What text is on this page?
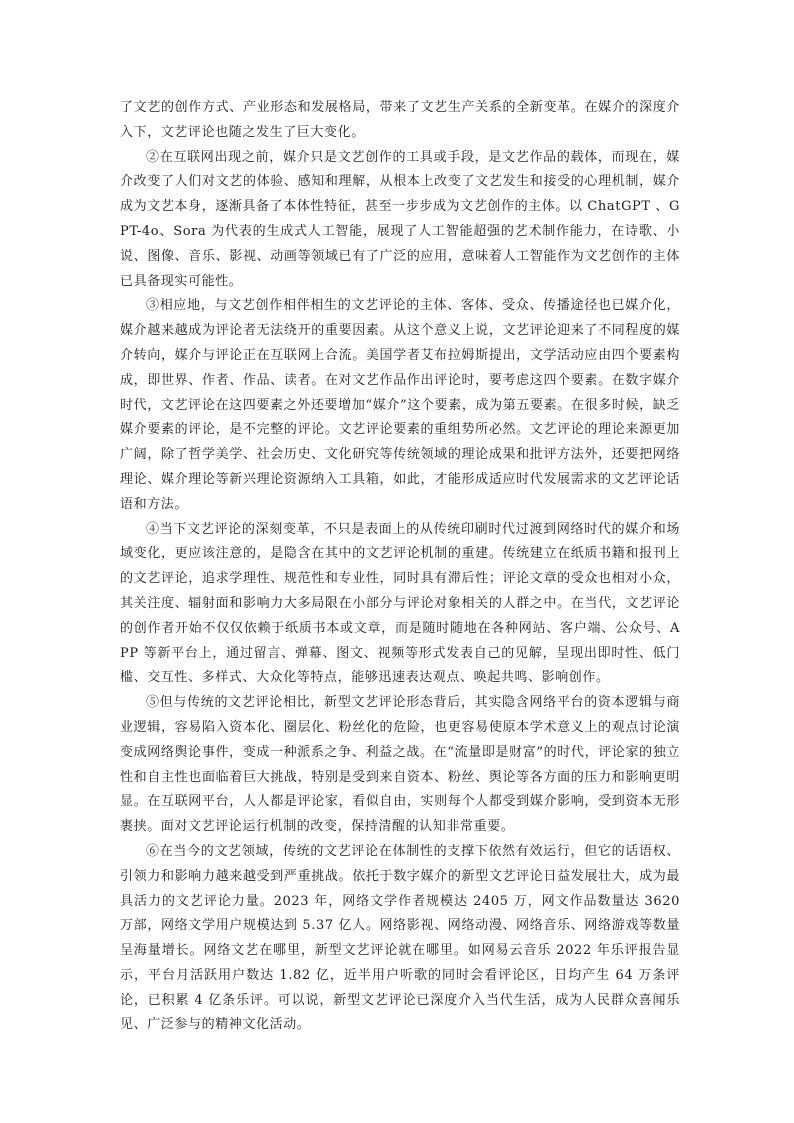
了文艺的创作方式、产业形态和发展格局，带来了文艺生产关系的全新变革。在媒介的深度介入下，文艺评论也随之发生了巨大变化。

②在互联网出现之前，媒介只是文艺创作的工具或手段，是文艺作品的载体，而现在，媒介改变了人们对文艺的体验、感知和理解，从根本上改变了文艺发生和接受的心理机制，媒介成为文艺本身，逐渐具备了本体性特征，甚至一步步成为文艺创作的主体。以 ChatGPT 、GPT-4o、Sora 为代表的生成式人工智能，展现了人工智能超强的艺术制作能力，在诗歌、小说、图像、音乐、影视、动画等领域已有了广泛的应用，意味着人工智能作为文艺创作的主体已具备现实可能性。

③相应地，与文艺创作相伴相生的文艺评论的主体、客体、受众、传播途径也已媒介化，媒介越来越成为评论者无法绕开的重要因素。从这个意义上说，文艺评论迎来了不同程度的媒介转向，媒介与评论正在互联网上合流。美国学者艾布拉姆斯提出，文学活动应由四个要素构成，即世界、作者、作品、读者。在对文艺作品作出评论时，要考虑这四个要素。在数字媒介时代，文艺评论在这四要素之外还要增加“媒介”这个要素，成为第五要素。在很多时候，缺乏媒介要素的评论，是不完整的评论。文艺评论要素的重组势所必然。文艺评论的理论来源更加广阔，除了哲学美学、社会历史、文化研究等传统领域的理论成果和批评方法外，还要把网络理论、媒介理论等新兴理论资源纳入工具箱，如此，才能形成适应时代发展需求的文艺评论话语和方法。

④当下文艺评论的深刻变革，不只是表面上的从传统印刷时代过渡到网络时代的媒介和场域变化，更应该注意的，是隐含在其中的文艺评论机制的重建。传统建立在纸质书籍和报刊上的文艺评论，追求学理性、规范性和专业性，同时具有滞后性；评论文章的受众也相对小众，其关注度、辐射面和影响力大多局限在小部分与评论对象相关的人群之中。在当代，文艺评论的创作者开始不仅仅依赖于纸质书本或文章，而是随时随地在各种网站、客户端、公众号、APP 等新平台上，通过留言、弹幕、图文、视频等形式发表自己的见解，呈现出即时性、低门槛、交互性、多样式、大众化等特点，能够迅速表达观点、唤起共鸣、影响创作。

⑤但与传统的文艺评论相比，新型文艺评论形态背后，其实隐含网络平台的资本逻辑与商业逻辑，容易陷入资本化、圈层化、粉丝化的危险，也更容易使原本学术意义上的观点讨论演变成网络舆论事件，变成一种派系之争、利益之战。在“流量即是财富”的时代，评论家的独立性和自主性也面临着巨大挑战，特别是受到来自资本、粉丝、舆论等各方面的压力和影响更明显。在互联网平台，人人都是评论家，看似自由，实则每个人都受到媒介影响，受到资本无形裹挟。面对文艺评论运行机制的改变，保持清醒的认知非常重要。

⑥在当今的文艺领域，传统的文艺评论在体制性的支撑下依然有效运行，但它的话语权、引领力和影响力越来越受到严重挑战。依托于数字媒介的新型文艺评论日益发展壮大，成为最具活力的文艺评论力量。2023 年，网络文学作者规模达 2405 万，网文作品数量达 3620 万部，网络文学用户规模达到 5.37 亿人。网络影视、网络动漫、网络音乐、网络游戏等数量呈海量增长。网络文艺在哪里，新型文艺评论就在哪里。如网易云音乐 2022 年乐评报告显示，平台月活跃用户数达 1.82 亿，近半用户听歌的同时会看评论区，日均产生 64 万条评论，已积累 4 亿条乐评。可以说，新型文艺评论已深度介入当代生活，成为人民群众喜闻乐见、广泛参与的精神文化活动。
